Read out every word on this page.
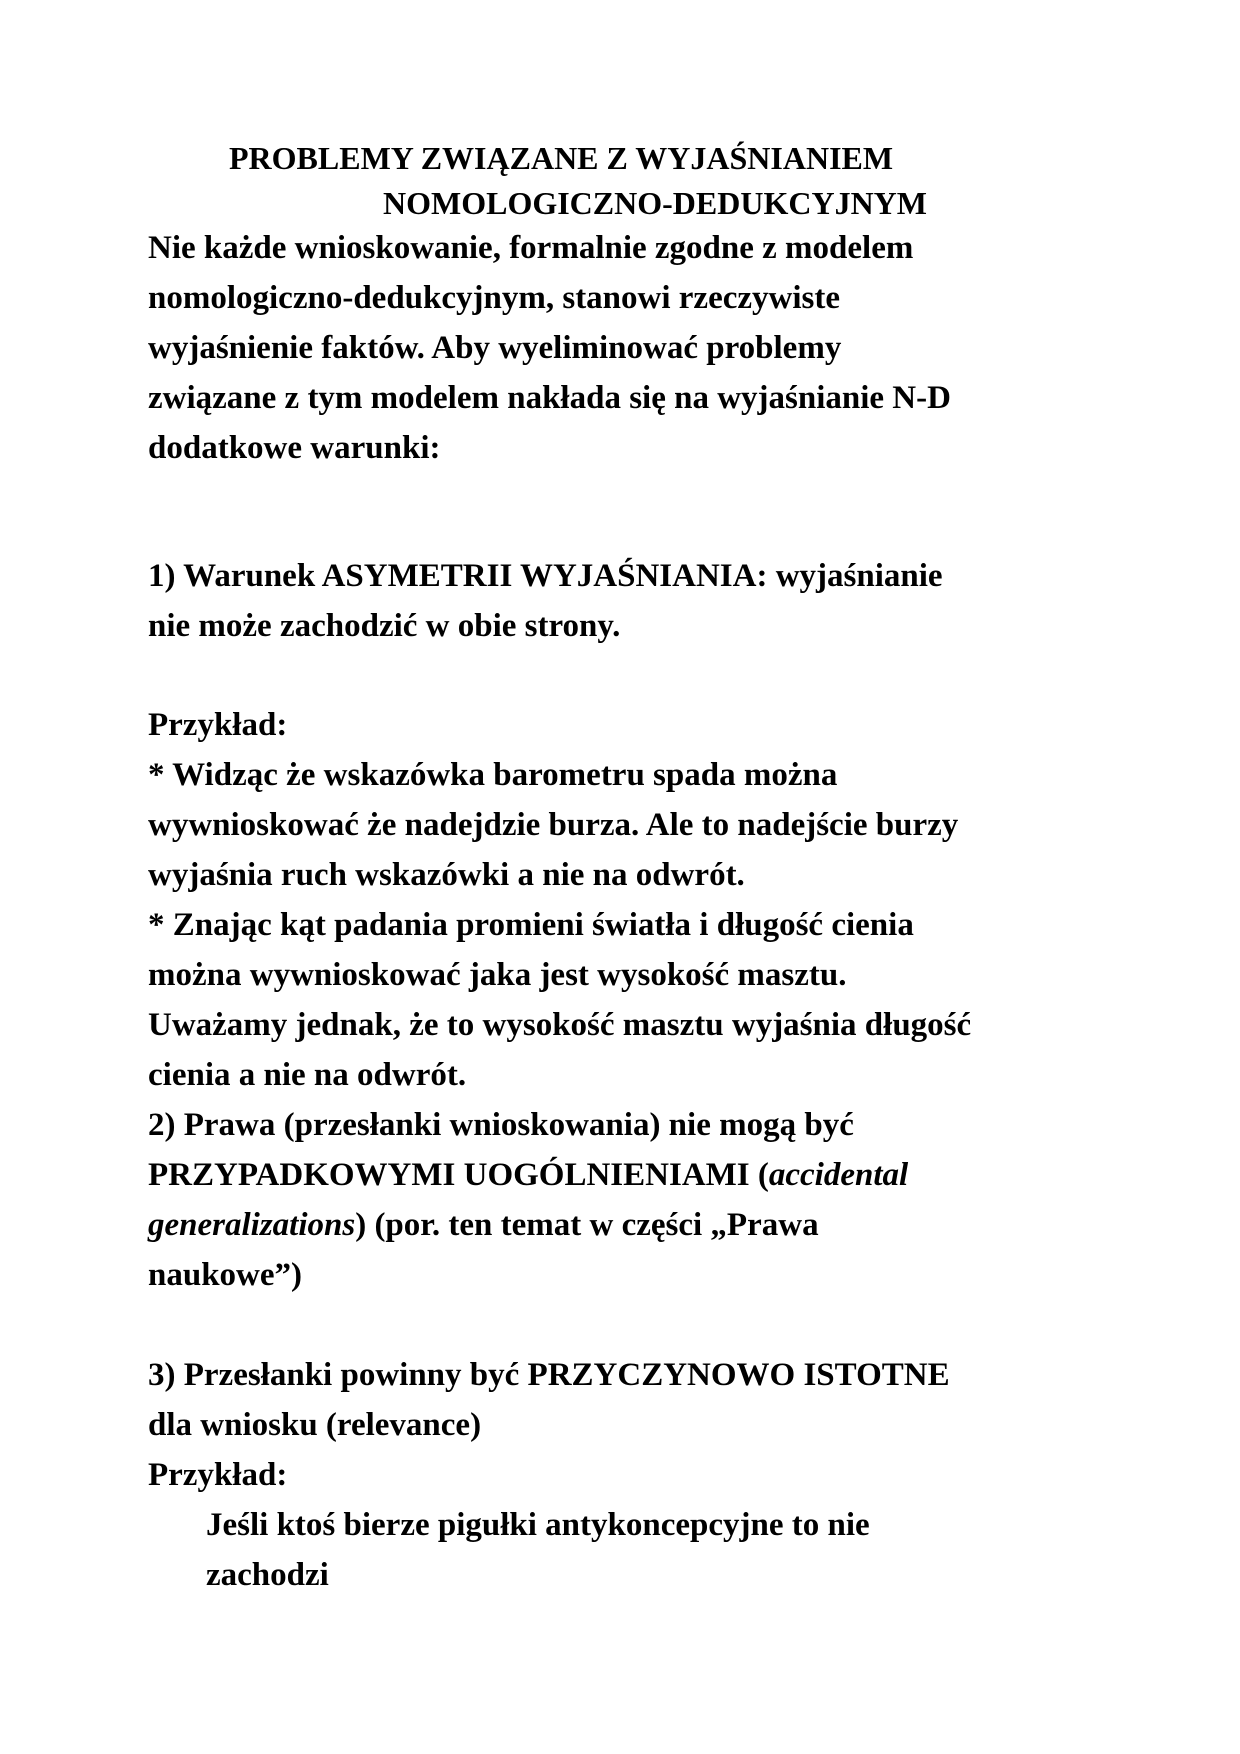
PROBLEMY ZWIĄZANE Z WYJAŚNIANIEM
NOMOLOGICZNO-DEDUKCYJNYM
Nie każde wnioskowanie, formalnie zgodne z modelem
nomologiczno-dedukcyjnym, stanowi rzeczywiste
wyjaśnienie faktów. Aby wyeliminować problemy
związane z tym modelem nakłada się na wyjaśnianie N-D
dodatkowe warunki:
1) Warunek ASYMETRII WYJAŚNIANIA: wyjaśnianie
nie może zachodzić w obie strony.
Przykład:
* Widząc że wskazówka barometru spada można
wywnioskować że nadejdzie burza. Ale to nadejście burzy
wyjaśnia ruch wskazówki a nie na odwrót.
* Znając kąt padania promieni światła i długość cienia
można wywnioskować jaka jest wysokość masztu.
Uważamy jednak, że to wysokość masztu wyjaśnia długość
cienia a nie na odwrót.
2) Prawa (przesłanki wnioskowania) nie mogą być
PRZYPADKOWYMI UOGÓLNIENIAMI (accidental
generalizations) (por. ten temat w części „Prawa
naukowe”)
3) Przesłanki powinny być PRZYCZYNOWO ISTOTNE
dla wniosku (relevance)
Przykład:
Jeśli ktoś bierze pigułki antykoncepcyjne to nie
zachodzi
